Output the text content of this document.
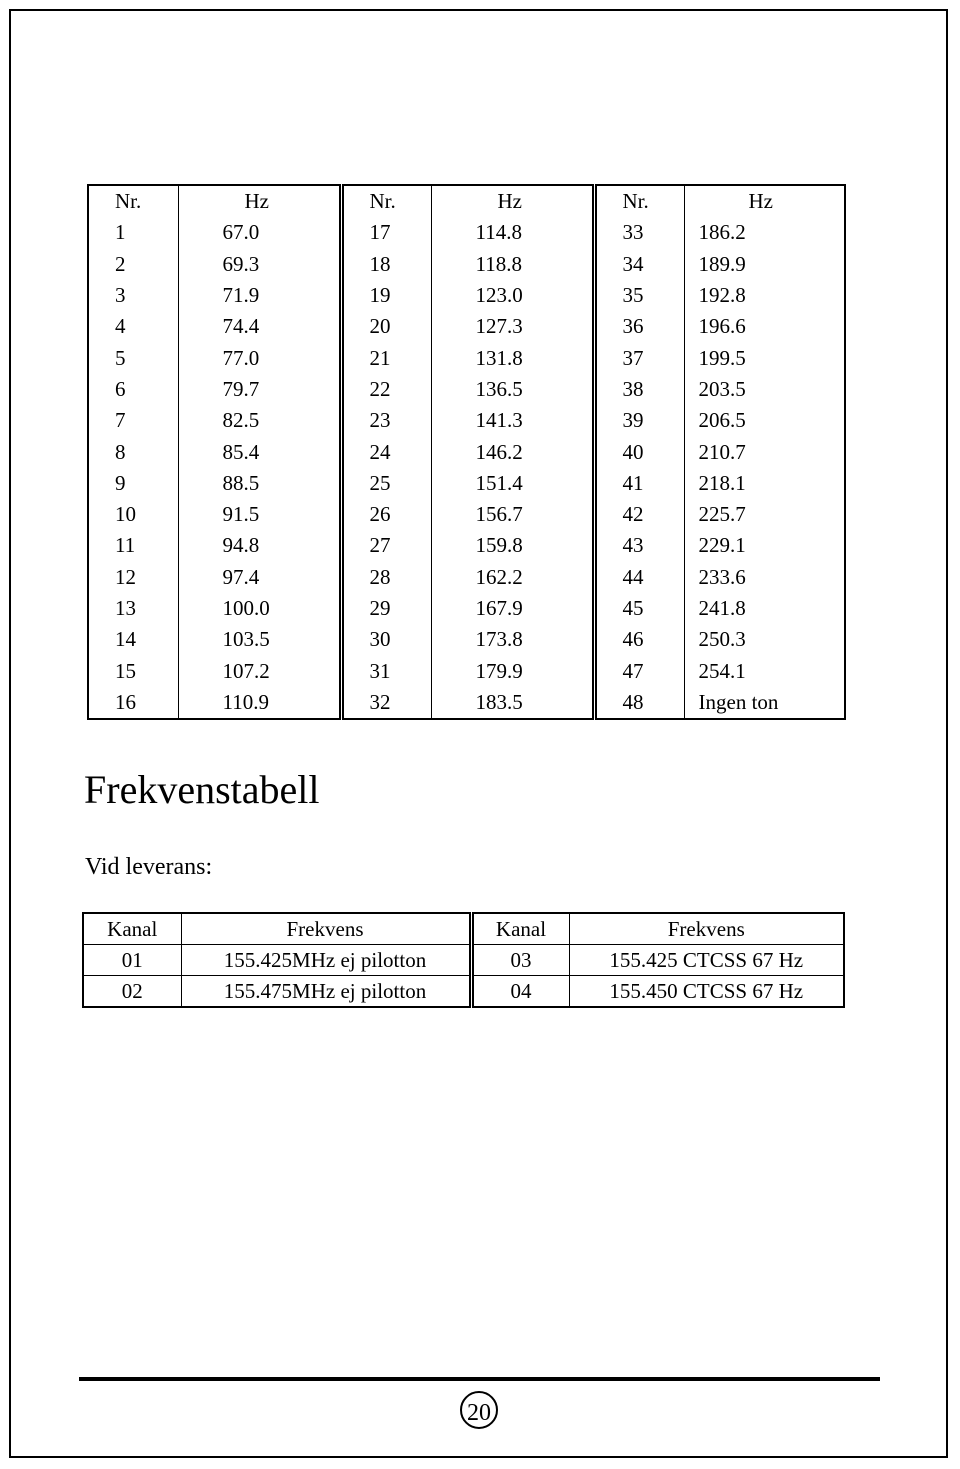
Nr.	Hz	Nr.	Hz	Nr.	Hz
1	67.0	17	114.8	33	186.2
2	69.3	18	118.8	34	189.9
3	71.9	19	123.0	35	192.8
4	74.4	20	127.3	36	196.6
5	77.0	21	131.8	37	199.5
6	79.7	22	136.5	38	203.5
7	82.5	23	141.3	39	206.5
8	85.4	24	146.2	40	210.7
9	88.5	25	151.4	41	218.1
10	91.5	26	156.7	42	225.7
11	94.8	27	159.8	43	229.1
12	97.4	28	162.2	44	233.6
13	100.0	29	167.9	45	241.8
14	103.5	30	173.8	46	250.3
15	107.2	31	179.9	47	254.1
16	110.9	32	183.5	48	Ingen ton
Frekvenstabell
Vid leverans:
Kanal	Frekvens	Kanal	Frekvens
01	155.425MHz ej pilotton	03	155.425 CTCSS 67 Hz
02	155.475MHz ej pilotton	04	155.450 CTCSS 67 Hz
20
